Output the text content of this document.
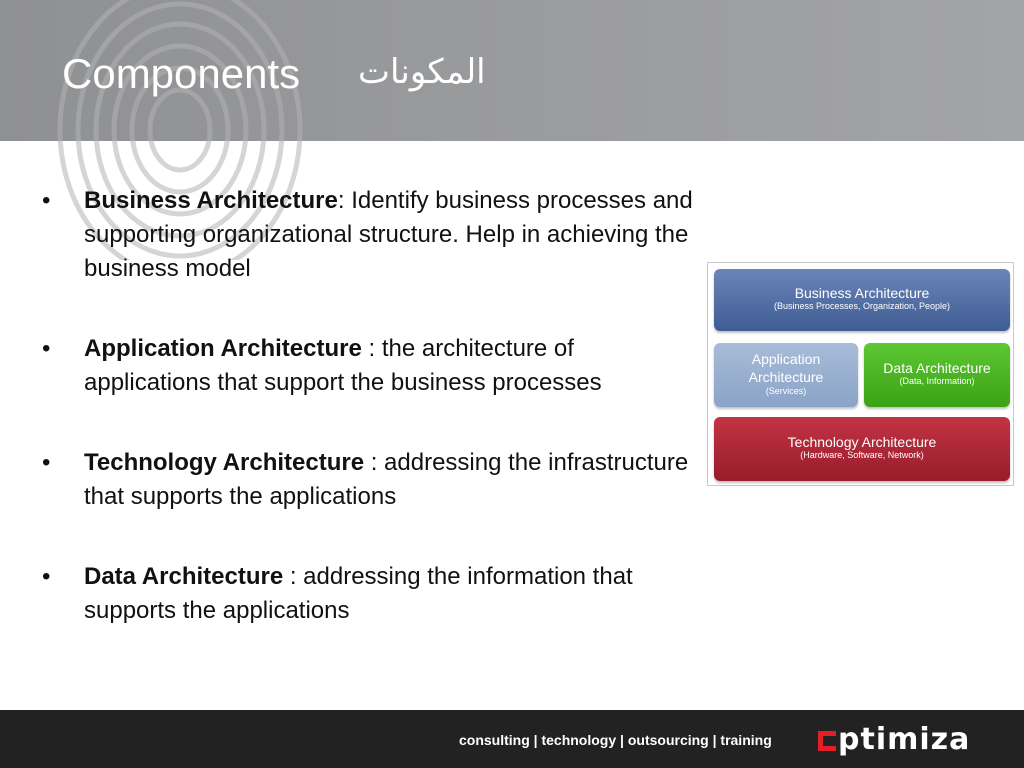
Components المكونات
• Business Architecture: Identify business processes and supporting organizational structure. Help in achieving the business model
• Application Architecture : the architecture of applications that support the business processes
• Technology Architecture : addressing the infrastructure that supports the applications
• Data Architecture : addressing the information that supports the applications
Business Architecture
(Business Processes, Organization, People)
Application Architecture
(Services)
Data Architecture
(Data, Information)
Technology Architecture
(Hardware, Software, Network)
consulting | technology | outsourcing | training	ptimiza
